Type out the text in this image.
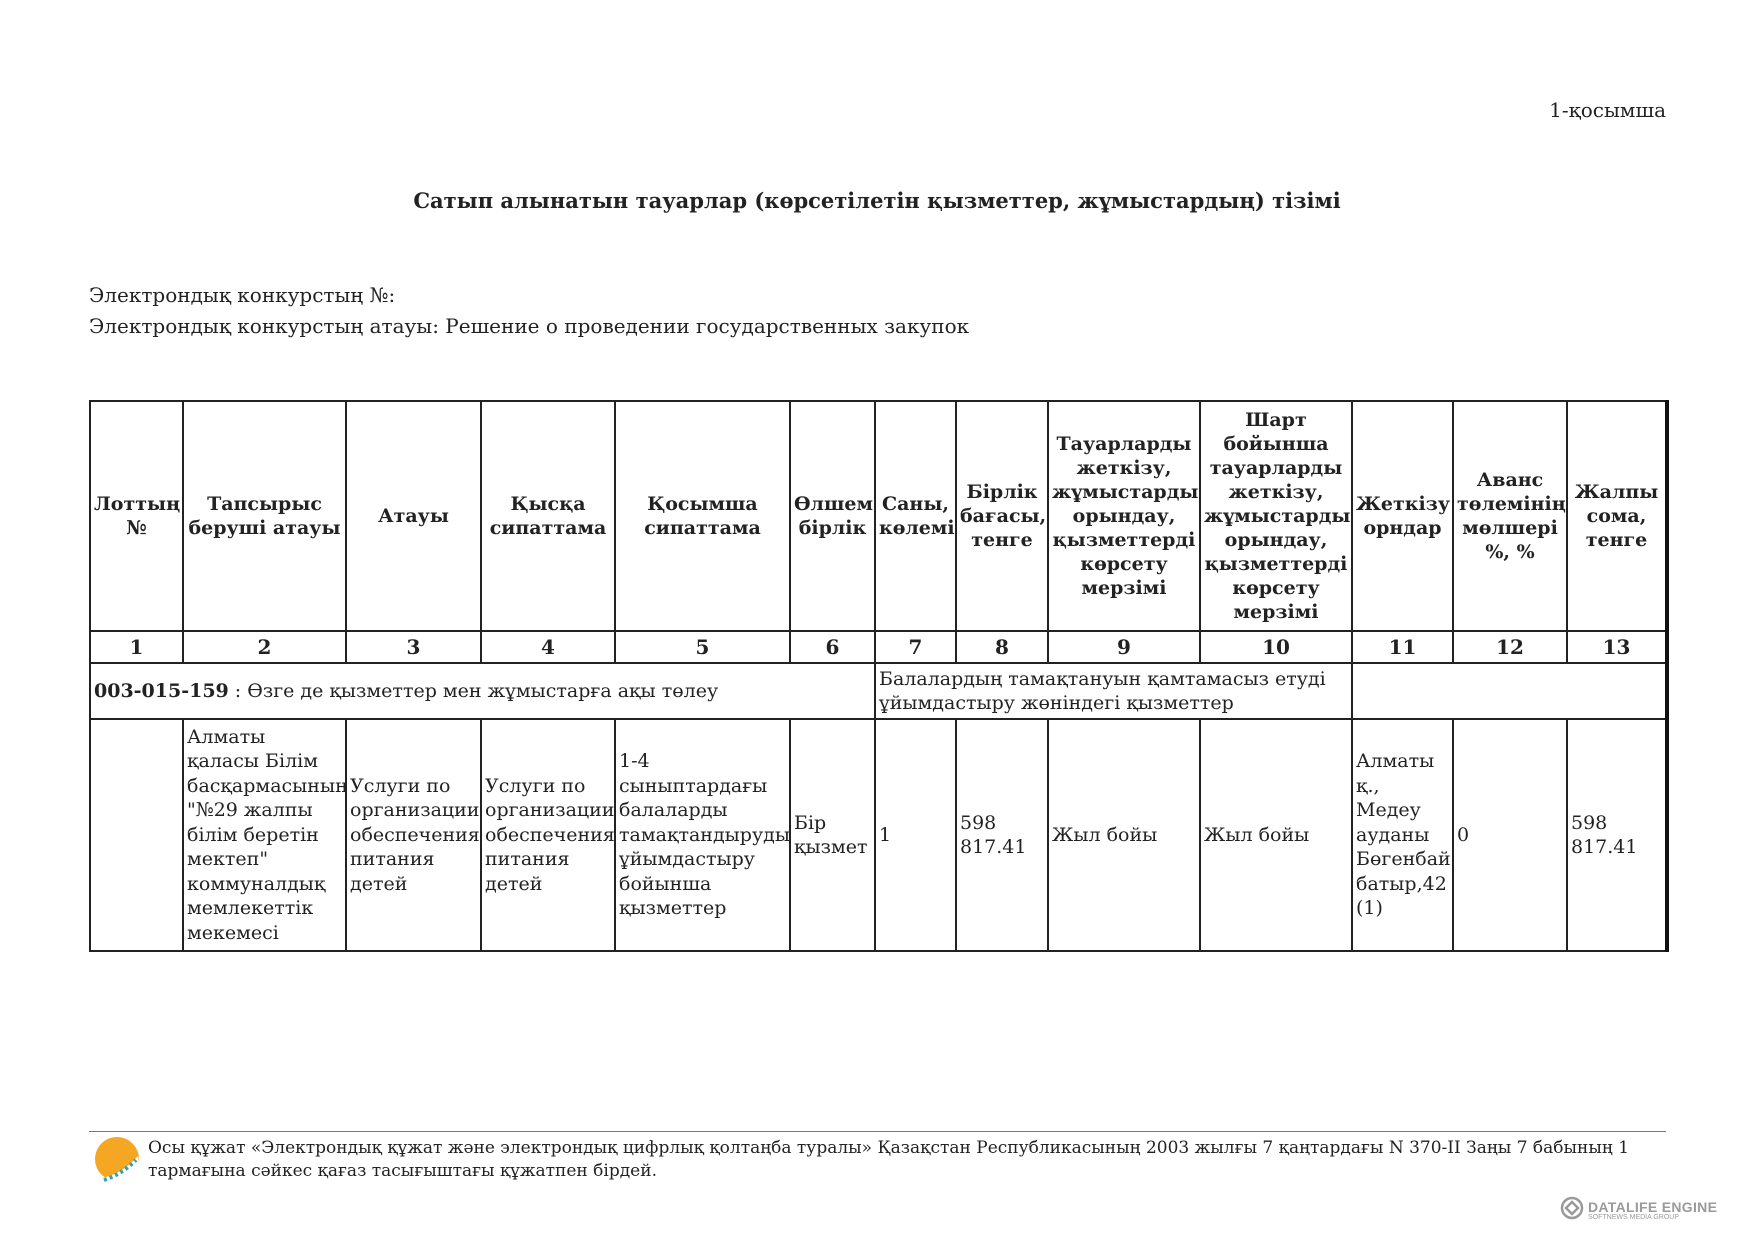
1-қосымша
Сатып алынатын тауарлар (көрсетілетін қызметтер, жұмыстардың) тізімі
Электрондық конкурстың №:
Электрондық конкурстың атауы: Решение о проведении государственных закупок
Лоттың №	Тапсырыс беруші атауы	Атауы	Қысқа сипаттама	Қосымша сипаттама	Өлшем бірлік	Саны, көлемі	Бірлік бағасы, тенге	Тауарларды жеткізу, жұмыстарды орындау, қызметтерді көрсету мерзімі	Шарт бойынша тауарларды жеткізу, жұмыстарды орындау, қызметтерді көрсету мерзімі	Жеткізу орндар	Аванс төлемінің мөлшері %, %	Жалпы сома, тенге
1	2	3	4	5	6	7	8	9	10	11	12	13
003-015-159 : Өзге де қызметтер мен жұмыстарға ақы төлеу						Балалардың тамақтануын қамтамасыз етуді ұйымдастыру жөніндегі қызметтер						
	Алматы қаласы Білім басқармасының "№29 жалпы білім беретін мектеп" коммуналдық мемлекеттік мекемесі	Услуги по организации обеспечения питания детей	Услуги по организации обеспечения питания детей	1-4 сыныптардағы балаларды тамақтандыруды ұйымдастыру бойынша қызметтер	Бір қызмет	1	598 817.41	Жыл бойы	Жыл бойы	Алматы қ., Медеу ауданы Бөгенбай батыр,42 (1)	0	598 817.41
Осы құжат «Электрондық құжат және электрондық цифрлық қолтаңба туралы» Қазақстан Республикасының 2003 жылғы 7 қаңтардағы N 370-II Заңы 7 бабының 1 тармағына сәйкес қағаз тасығыштағы құжатпен бірдей.
DATALIFE ENGINE
SOFTNEWS MEDIA GROUP
